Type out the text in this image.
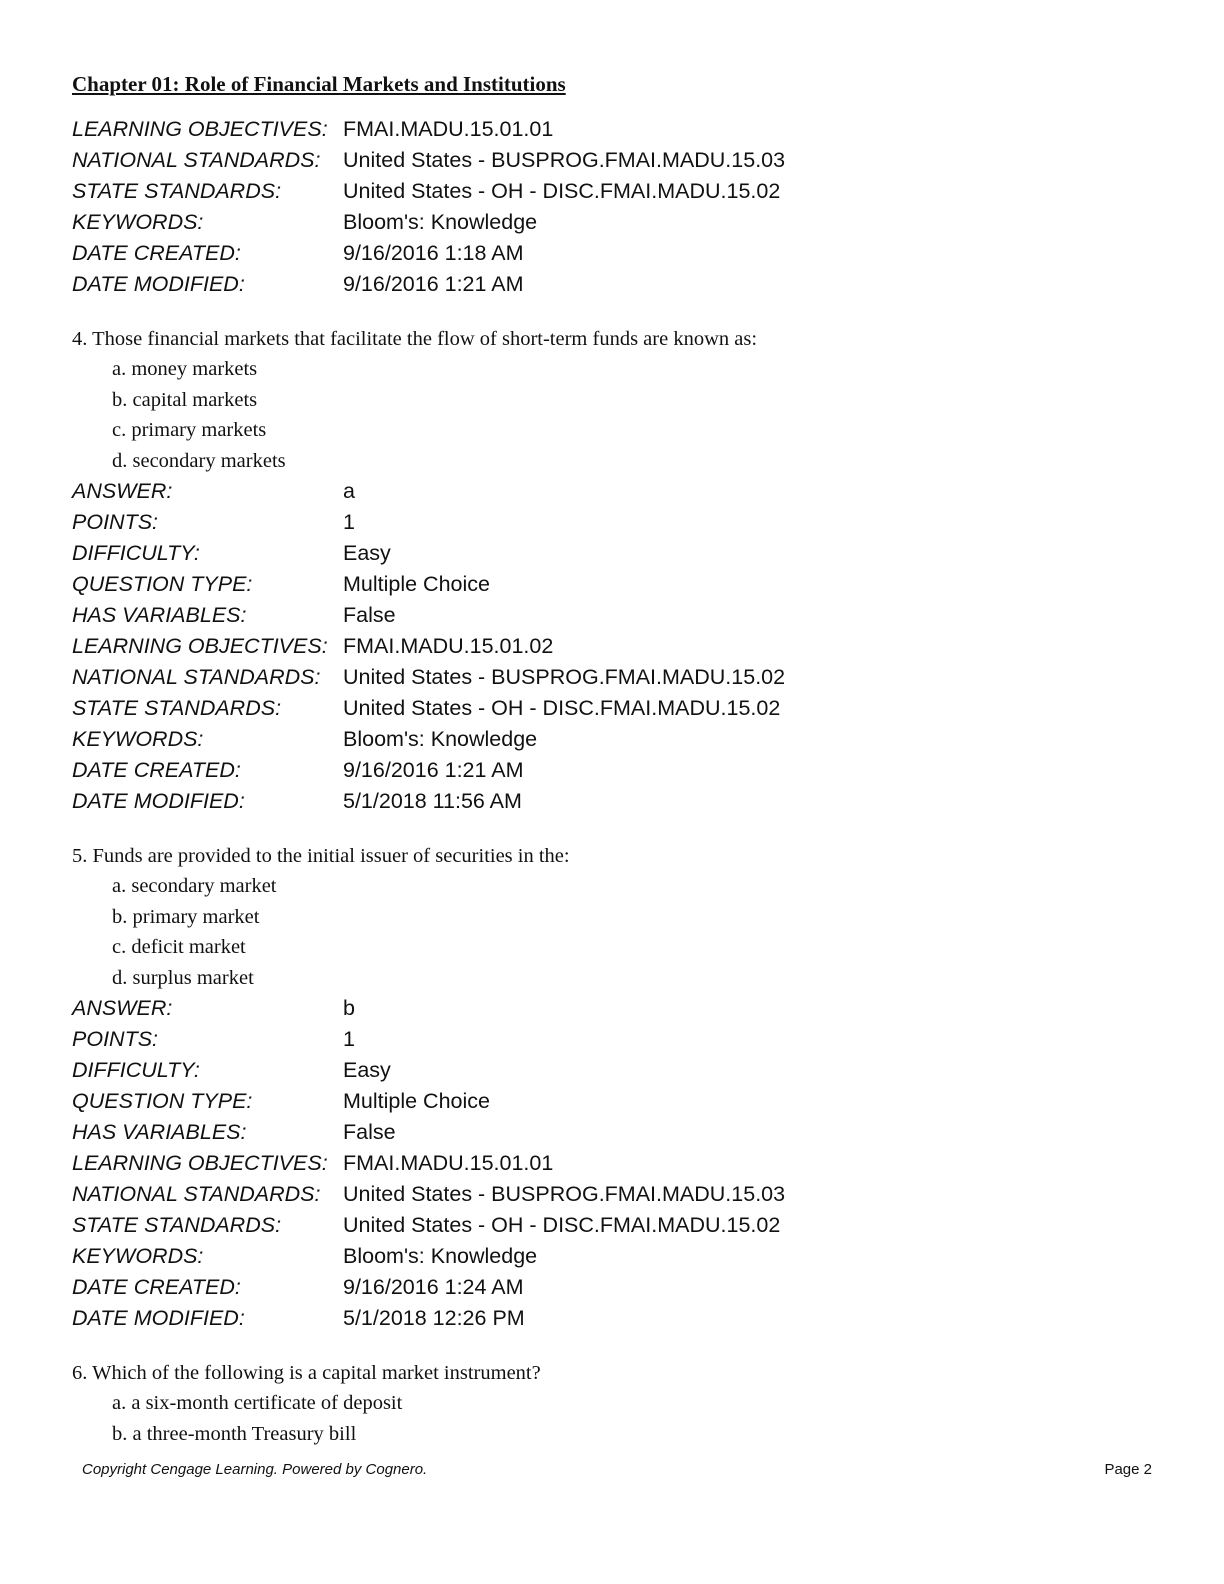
Chapter 01: Role of Financial Markets and Institutions
LEARNING OBJECTIVES: FMAI.MADU.15.01.01
NATIONAL STANDARDS:	United States - BUSPROG.FMAI.MADU.15.03
STATE STANDARDS:	United States - OH - DISC.FMAI.MADU.15.02
KEYWORDS:	Bloom's: Knowledge
DATE CREATED:	9/16/2016 1:18 AM
DATE MODIFIED:	9/16/2016 1:21 AM
4. Those financial markets that facilitate the flow of short-term funds are known as:
a. money markets
b. capital markets
c. primary markets
d. secondary markets
ANSWER:	a
POINTS:	1
DIFFICULTY:	Easy
QUESTION TYPE:	Multiple Choice
HAS VARIABLES:	False
LEARNING OBJECTIVES: FMAI.MADU.15.01.02
NATIONAL STANDARDS:	United States - BUSPROG.FMAI.MADU.15.02
STATE STANDARDS:	United States - OH - DISC.FMAI.MADU.15.02
KEYWORDS:	Bloom's: Knowledge
DATE CREATED:	9/16/2016 1:21 AM
DATE MODIFIED:	5/1/2018 11:56 AM
5. Funds are provided to the initial issuer of securities in the:
a. secondary market
b. primary market
c. deficit market
d. surplus market
ANSWER:	b
POINTS:	1
DIFFICULTY:	Easy
QUESTION TYPE:	Multiple Choice
HAS VARIABLES:	False
LEARNING OBJECTIVES: FMAI.MADU.15.01.01
NATIONAL STANDARDS:	United States - BUSPROG.FMAI.MADU.15.03
STATE STANDARDS:	United States - OH - DISC.FMAI.MADU.15.02
KEYWORDS:	Bloom's: Knowledge
DATE CREATED:	9/16/2016 1:24 AM
DATE MODIFIED:	5/1/2018 12:26 PM
6. Which of the following is a capital market instrument?
a. a six-month certificate of deposit
b. a three-month Treasury bill
Copyright Cengage Learning. Powered by Cognero.	Page 2
